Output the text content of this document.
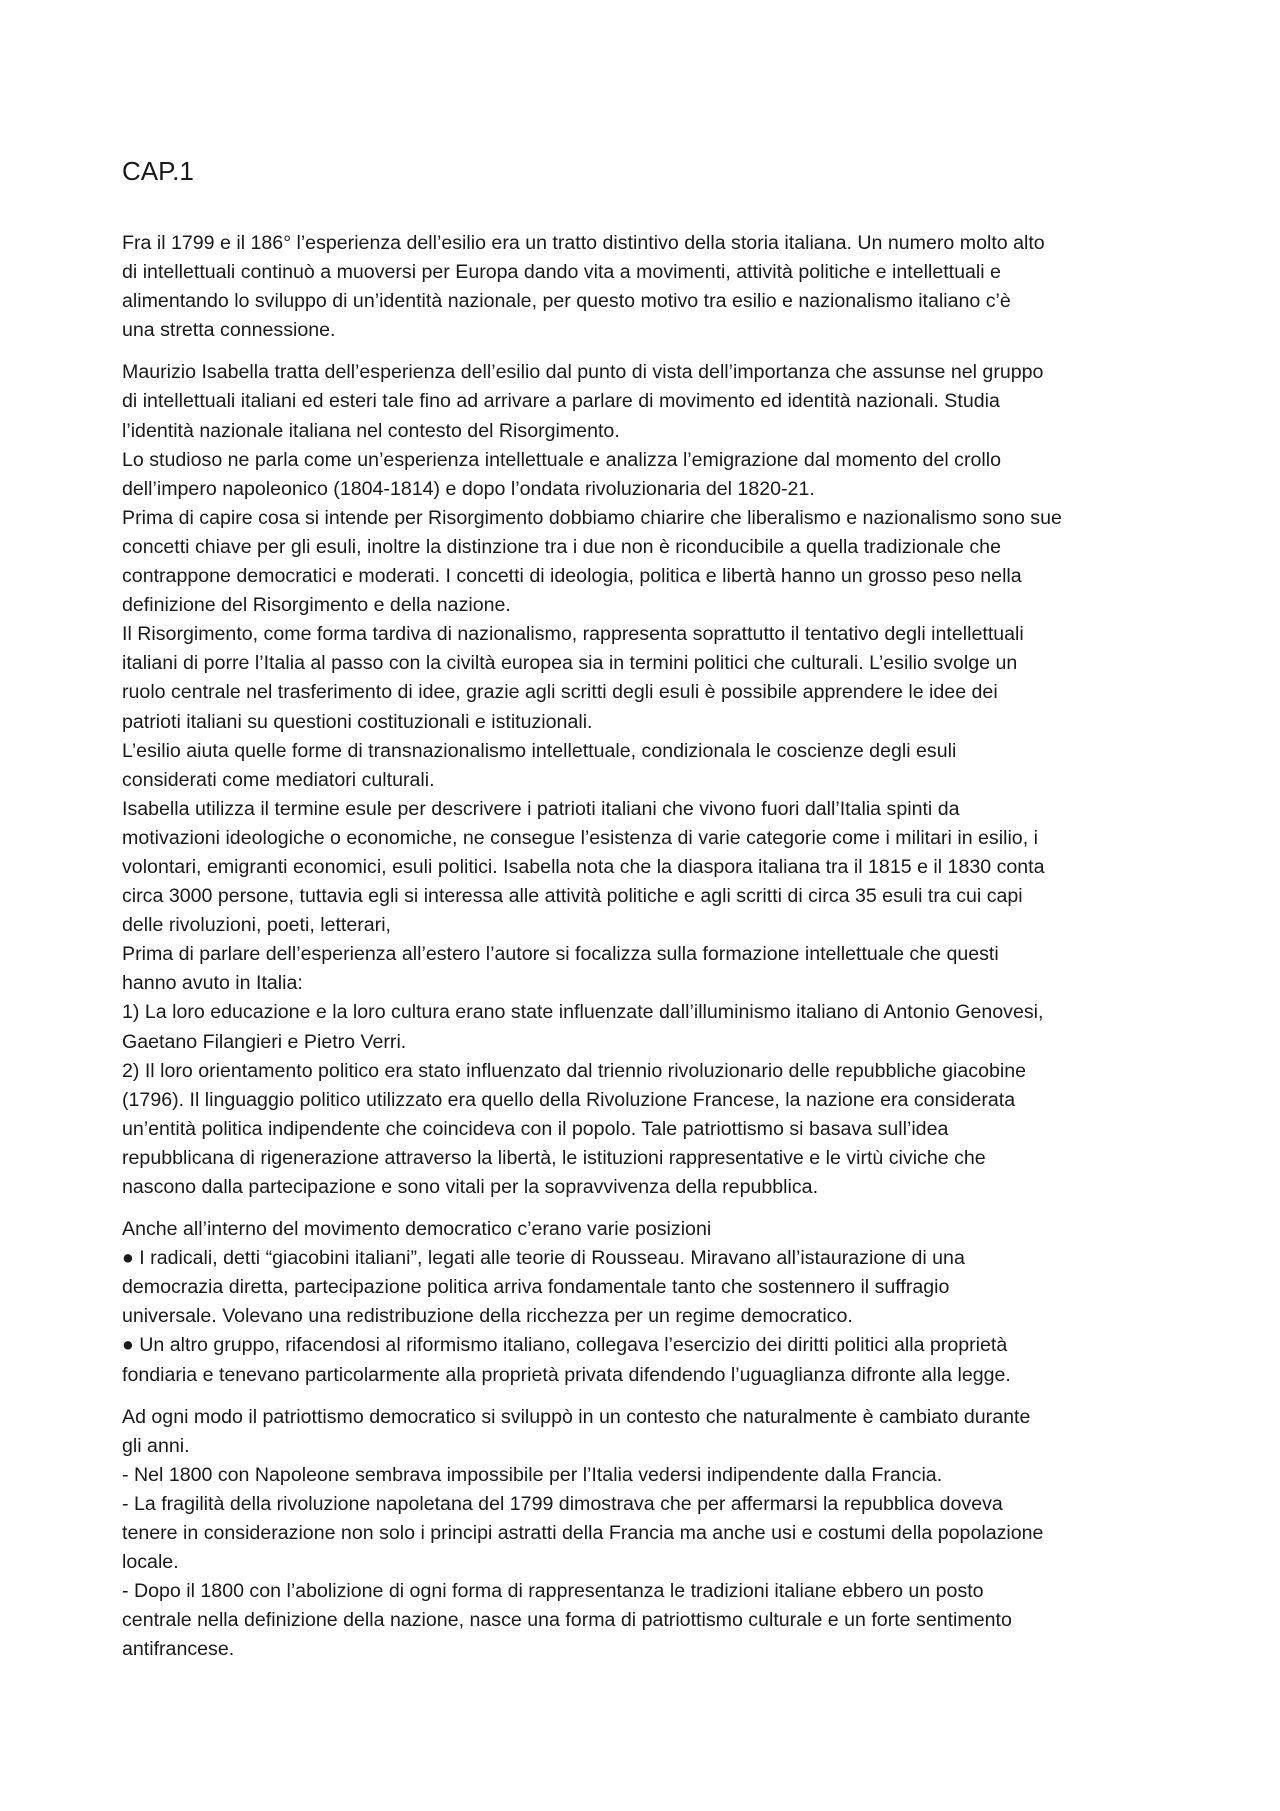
CAP.1
Fra il 1799 e il 186° l’esperienza dell’esilio era un tratto distintivo della storia italiana. Un numero molto alto
di intellettuali continuò a muoversi per Europa dando vita a movimenti, attività politiche e intellettuali e
alimentando lo sviluppo di un’identità nazionale, per questo motivo tra esilio e nazionalismo italiano c’è
una stretta connessione.
Maurizio Isabella tratta dell’esperienza dell’esilio dal punto di vista dell’importanza che assunse nel gruppo
di intellettuali italiani ed esteri tale fino ad arrivare a parlare di movimento ed identità nazionali. Studia
l’identità nazionale italiana nel contesto del Risorgimento.
Lo studioso ne parla come un’esperienza intellettuale e analizza l’emigrazione dal momento del crollo
dell’impero napoleonico (1804-1814) e dopo l’ondata rivoluzionaria del 1820-21.
Prima di capire cosa si intende per Risorgimento dobbiamo chiarire che liberalismo e nazionalismo sono sue
concetti chiave per gli esuli, inoltre la distinzione tra i due non è riconducibile a quella tradizionale che
contrappone democratici e moderati. I concetti di ideologia, politica e libertà hanno un grosso peso nella
definizione del Risorgimento e della nazione.
Il Risorgimento, come forma tardiva di nazionalismo, rappresenta soprattutto il tentativo degli intellettuali
italiani di porre l’Italia al passo con la civiltà europea sia in termini politici che culturali. L’esilio svolge un
ruolo centrale nel trasferimento di idee, grazie agli scritti degli esuli è possibile apprendere le idee dei
patrioti italiani su questioni costituzionali e istituzionali.
L’esilio aiuta quelle forme di transnazionalismo intellettuale, condizionala le coscienze degli esuli
considerati come mediatori culturali.
Isabella utilizza il termine esule per descrivere i patrioti italiani che vivono fuori dall’Italia spinti da
motivazioni ideologiche o economiche, ne consegue l’esistenza di varie categorie come i militari in esilio, i
volontari, emigranti economici, esuli politici. Isabella nota che la diaspora italiana tra il 1815 e il 1830 conta
circa 3000 persone, tuttavia egli si interessa alle attività politiche e agli scritti di circa 35 esuli tra cui capi
delle rivoluzioni, poeti, letterari,
Prima di parlare dell’esperienza all’estero l’autore si focalizza sulla formazione intellettuale che questi
hanno avuto in Italia:
1) La loro educazione e la loro cultura erano state influenzate dall’illuminismo italiano di Antonio Genovesi,
Gaetano Filangieri e Pietro Verri.
2) Il loro orientamento politico era stato influenzato dal triennio rivoluzionario delle repubbliche giacobine
(1796). Il linguaggio politico utilizzato era quello della Rivoluzione Francese, la nazione era considerata
un’entità politica indipendente che coincideva con il popolo. Tale patriottismo si basava sull’idea
repubblicana di rigenerazione attraverso la libertà, le istituzioni rappresentative e le virtù civiche che
nascono dalla partecipazione e sono vitali per la sopravvivenza della repubblica.
Anche all’interno del movimento democratico c’erano varie posizioni
● I radicali, detti “giacobini italiani”, legati alle teorie di Rousseau. Miravano all’istaurazione di una
democrazia diretta, partecipazione politica arriva fondamentale tanto che sostennero il suffragio
universale. Volevano una redistribuzione della ricchezza per un regime democratico.
● Un altro gruppo, rifacendosi al riformismo italiano, collegava l’esercizio dei diritti politici alla proprietà
fondiaria e tenevano particolarmente alla proprietà privata difendendo l’uguaglianza difronte alla legge.
Ad ogni modo il patriottismo democratico si sviluppò in un contesto che naturalmente è cambiato durante
gli anni.
- Nel 1800 con Napoleone sembrava impossibile per l’Italia vedersi indipendente dalla Francia.
- La fragilità della rivoluzione napoletana del 1799 dimostrava che per affermarsi la repubblica doveva
tenere in considerazione non solo i principi astratti della Francia ma anche usi e costumi della popolazione
locale.
- Dopo il 1800 con l’abolizione di ogni forma di rappresentanza le tradizioni italiane ebbero un posto
centrale nella definizione della nazione, nasce una forma di patriottismo culturale e un forte sentimento
antifrancese.
